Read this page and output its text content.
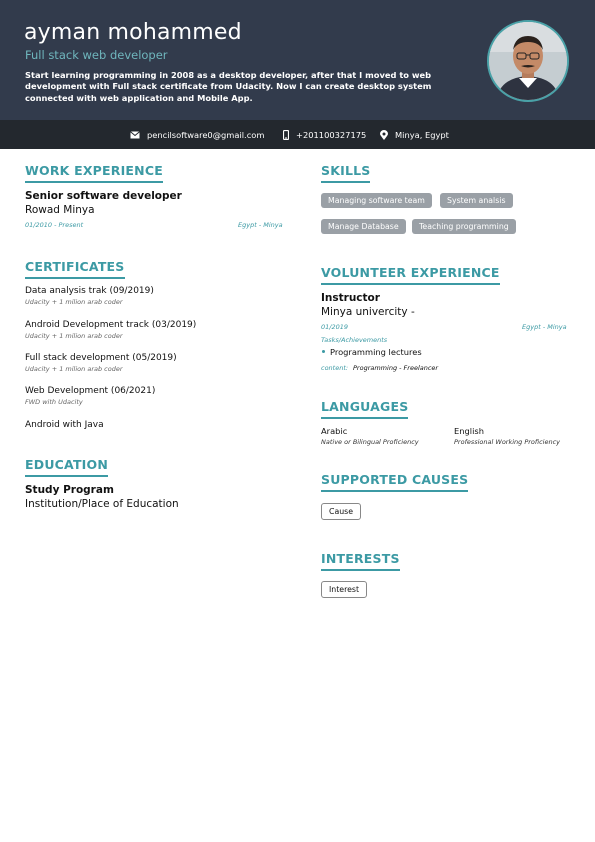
ayman mohammed
Full stack web developer
Start learning programming in 2008 as a desktop developer, after that I moved to web development with Full stack certificate from Udacity. Now I can create desktop system connected with web application and Mobile App.
pencilsoftware0@gmail.com	+201100327175	Minya, Egypt
WORK EXPERIENCE
Senior software developer
Rowad Minya
01/2010 - Present	Egypt - Minya
CERTIFICATES
Data analysis trak (09/2019)
Udacity + 1 milion arab coder
Android Development track (03/2019)
Udacity + 1 milion arab coder
Full stack development (05/2019)
Udacity + 1 milion arab coder
Web Development (06/2021)
FWD with Udacity
Android with Java
EDUCATION
Study Program
Institution/Place of Education
SKILLS
Managing software team	System analsis
Manage Database	Teaching programming
VOLUNTEER EXPERIENCE
Instructor
Minya univercity -
01/2019	Egypt - Minya
Tasks/Achievements
Programming lectures
content: Programming - Freelancer
LANGUAGES
Arabic
Native or Bilingual Proficiency
English
Professional Working Proficiency
SUPPORTED CAUSES
Cause
INTERESTS
Interest
